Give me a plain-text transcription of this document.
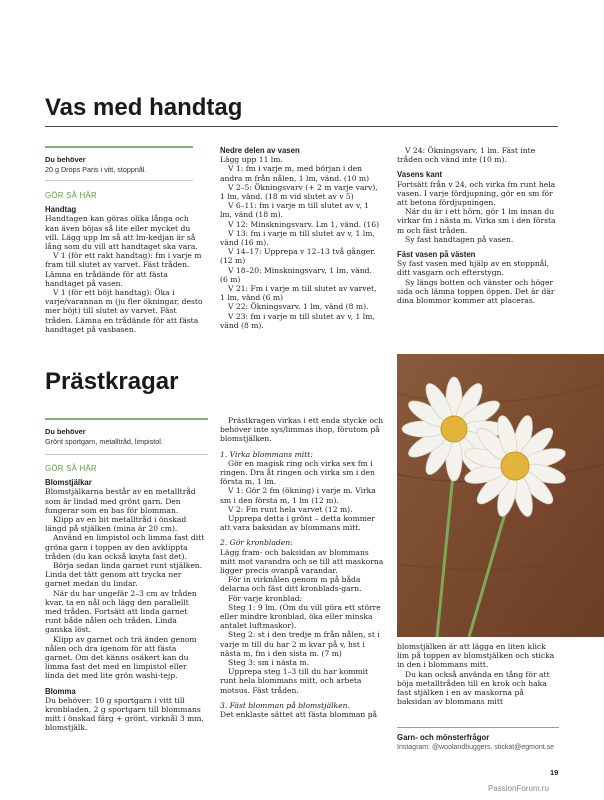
Vas med handtag
Du behöver
20 g Drops Paris i vitt, stoppnål.
GÖR SÅ HÄR
Handtag

Handtagen kan göras olika långa och kan även böjas så lite eller mycket du vill. Lägg upp lm så att lm-kedjan är så lång som du vill att handtaget ska vara.

V 1 (för ett rakt handtag): fm i varje m fram till slutet av varvet. Fäst tråden. Lämna en trådände för att fästa handtaget på vasen.

V 1 (för ett böjt handtag): Öka i varje/varannan m (ju fler ökningar, desto mer böjt) till slutet av varvet. Fäst tråden. Lämna en trådände för att fästa handtaget på vasbasen.

Nedre delen av vasen

Lägg upp 11 lm.

V 1: fm i varje m, med början i den andra m från nålen, 1 lm, vänd. (10 m)

V 2–5: Ökningsvarv (+ 2 m varje varv), 1 lm, vänd. (18 m vid slutet av v 5)

V 6–11: fm i varje m till slutet av v, 1 lm, vänd (18 m).

V 12: Minskningsvarv. Lm 1, vänd. (16)

V 13: fm i varje m till slutet av v, 1 lm, vänd (16 m).

V 14–17: Upprepa v 12–13 två gånger. (12 m)

V 18–20: Minskningsvarv, 1 lm, vänd. (6 m)

V 21: Fm i varje m till slutet av varvet, 1 lm, vänd (6 m)

V 22: Ökningsvarv. 1 lm, vänd (8 m).

V 23: fm i varje m till slutet av v, 1 lm, vänd (8 m).

V 24: Ökningsvarv, 1 lm. Fäst inte tråden och vänd inte (10 m).

Vasens kant

Fortsätt från v 24, och virka fm runt hela vasen. I varje fördjupning, gör en sm för att betona fördjupningen.

När du är i ett hörn, gör 1 lm innan du virkar fm i nästa m. Virka sm i den första m och fäst tråden.

Sy fast handtagen på vasen.

Fäst vasen på västen

Sy fast vasen med hjälp av en stoppnål, ditt vasgarn och efterstygn.

Sy längs botten och vänster och höger sida och lämna toppen öppen. Det är där dina blommor kommer att placeras.

Prästkragar
Du behöver
Grönt sportgarn, metalltråd, limpistol.
GÖR SÅ HÄR
Blomstjälkar

Blomstjälkarna består av en metalltråd som är lindad med grönt garn. Den fungerar som en bas för blomman.

Klipp av en bit metalltråd i önskad längd på stjälken (mina är 20 cm).

Använd en limpistol och limma fast ditt gröna garn i toppen av den avklippta tråden (du kan också knyta fast det).

Börja sedan linda garnet runt stjälken. Linda det tätt genom att trycka ner garnet medan du lindar.

När du har ungefär 2–3 cm av tråden kvar, ta en nål och lägg den parallellt med tråden. Fortsätt att linda garnet runt både nålen och tråden. Linda ganska löst.

Klipp av garnet och trä änden genom nålen och dra igenom för att fästa garnet. Om det känns osäkert kan du limma fast det med en limpistol eller linda det med lite grön washi-tejp.

Blomma

Du behöver: 10 g sportgarn i vitt till kronbladen, 2 g sportgarn till blommans mitt i önskad färg + grönt, virknål 3 mm, blomstjälk.

Prästkragen virkas i ett enda stycke och behöver inte sys/limmas ihop, förutom på blomstjälken.

1. Virka blommans mitt:

Gör en magisk ring och virka sex fm i ringen. Dra åt ringen och virka sm i den första m, 1 lm.

V 1: Gör 2 fm (ökning) i varje m. Virka sm i den första m, 1 lm (12 m).

V 2: Fm runt hela varvet (12 m).

Upprepa detta i grönt – detta kommer att vara baksidan av blommans mitt.

2. Gör kronbladen:

Lägg fram- och baksidan av blommans mitt mot varandra och se till att maskorna ligger precis ovanpå varandar.

För in virknålen genom m på båda delarna och fäst ditt kronblads-garn.

För varje kronblad:

Steg 1: 9 lm. (Om du vill göra ett större eller mindre kronblad, öka eller minska antalet luftmaskor).

Steg 2: st i den tredje m från nålen, st i varje m till du har 2 m kvar på v, hst i nästa m, fm i den sista m. (7 m)

Steg 3: sm i nästa m.

Upprepa steg 1–3 till du har kommit runt hela blommans mitt, och arbeta motsus. Fäst tråden.

3. Fäst blomman på blomstjälken.

Det enklaste sättet att fästa blomman på

blomstjälken är att lägga en liten klick lim på toppen av blomstjälken och sticka in den i blommans mitt.

Du kan också använda en tång för att böja metalltråden till en krok och haka fast stjälken i en av maskorna på baksidan av blommans mitt

Garn- och mönsterfrågor
Instagram: @woolandbuggers, stickat@egmont.se
19
PassionForum.ru
